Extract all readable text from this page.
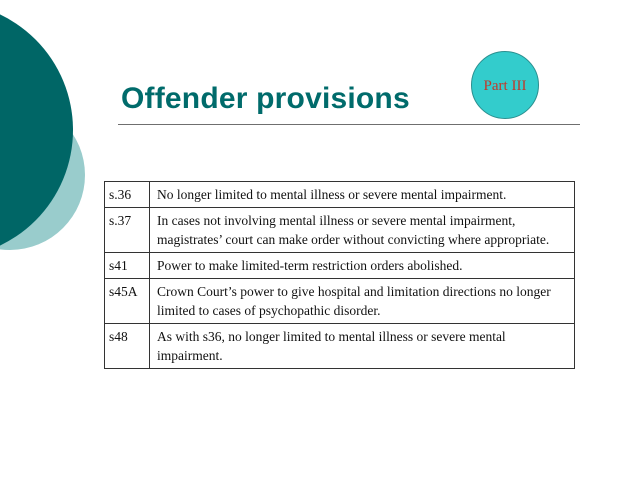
Offender provisions	Part III
s.36	No longer limited to mental illness or severe mental impairment.
s.37	In cases not involving mental illness or severe mental impairment, magistrates’ court can make order without convicting where appropriate.
s41	Power to make limited-term restriction orders abolished.
s45A	Crown Court’s power to give hospital and limitation directions no longer limited to cases of psychopathic disorder.
s48	As with s36, no longer limited to mental illness or severe mental impairment.
